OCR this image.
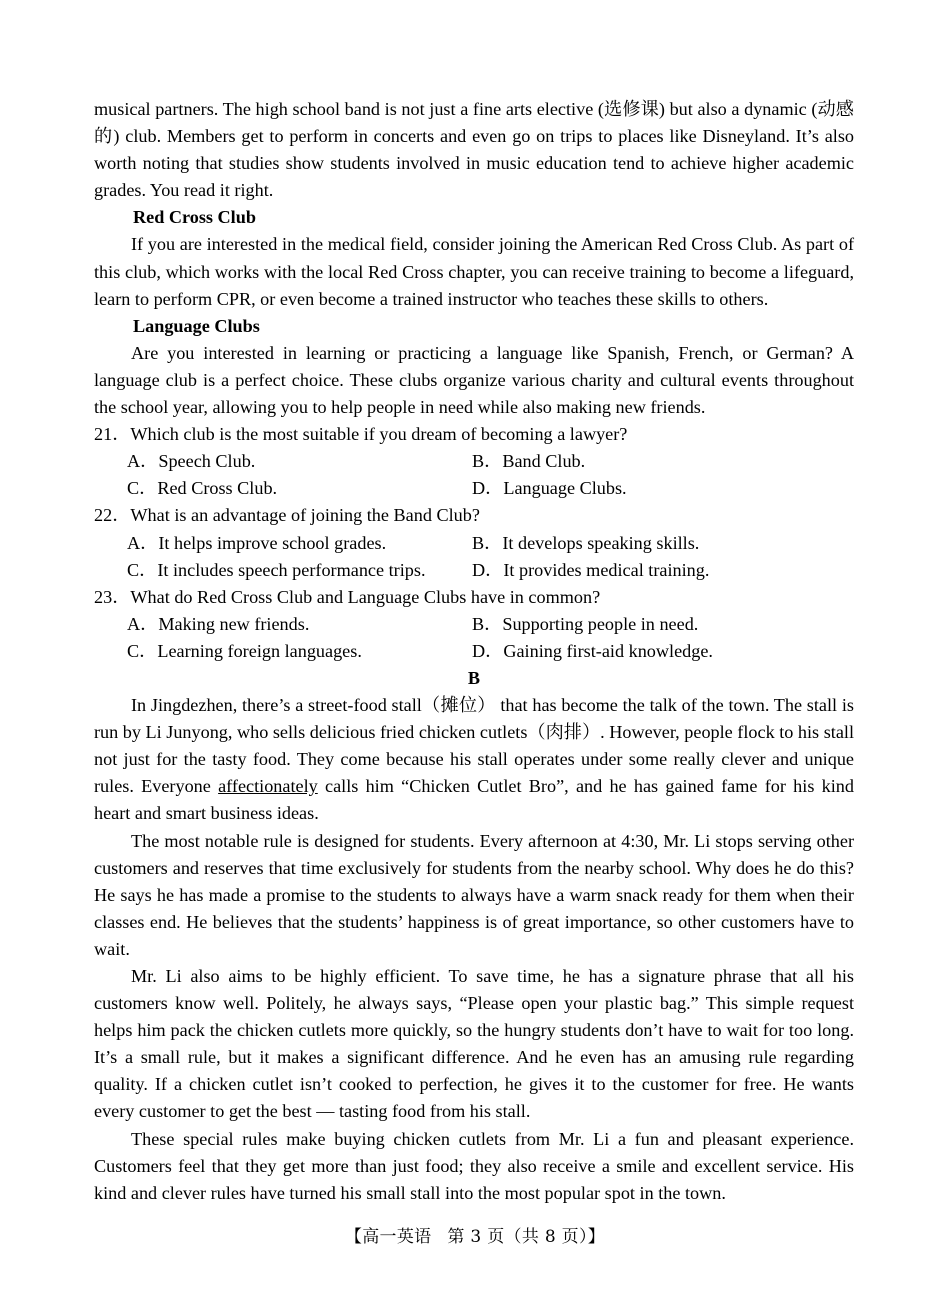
musical partners. The high school band is not just a fine arts elective (选修课) but also a dynamic (动感的) club. Members get to perform in concerts and even go on trips to places like Disneyland. It’s also worth noting that studies show students involved in music education tend to achieve higher academic grades. You read it right.

Red Cross Club

If you are interested in the medical field, consider joining the American Red Cross Club. As part of this club, which works with the local Red Cross chapter, you can receive training to become a lifeguard, learn to perform CPR, or even become a trained instructor who teaches these skills to others.

Language Clubs

Are you interested in learning or practicing a language like Spanish, French, or German? A language club is a perfect choice. These clubs organize various charity and cultural events throughout the school year, allowing you to help people in need while also making new friends.

21．Which club is the most suitable if you dream of becoming a lawyer?

A．Speech Club.	B．Band Club.
C．Red Cross Club.	D．Language Clubs.

22．What is an advantage of joining the Band Club?

A．It helps improve school grades.	B．It develops speaking skills.
C．It includes speech performance trips.	D．It provides medical training.

23．What do Red Cross Club and Language Clubs have in common?

A．Making new friends.	B．Supporting people in need.
C．Learning foreign languages.	D．Gaining first-aid knowledge.

B

In Jingdezhen, there’s a street-food stall（摊位） that has become the talk of the town. The stall is run by Li Junyong, who sells delicious fried chicken cutlets（肉排）. However, people flock to his stall not just for the tasty food. They come because his stall operates under some really clever and unique rules. Everyone affectionately calls him “Chicken Cutlet Bro”, and he has gained fame for his kind heart and smart business ideas.

The most notable rule is designed for students. Every afternoon at 4:30, Mr. Li stops serving other customers and reserves that time exclusively for students from the nearby school. Why does he do this? He says he has made a promise to the students to always have a warm snack ready for them when their classes end. He believes that the students’ happiness is of great importance, so other customers have to wait.

Mr. Li also aims to be highly efficient. To save time, he has a signature phrase that all his customers know well. Politely, he always says, “Please open your plastic bag.” This simple request helps him pack the chicken cutlets more quickly, so the hungry students don’t have to wait for too long. It’s a small rule, but it makes a significant difference. And he even has an amusing rule regarding quality. If a chicken cutlet isn’t cooked to perfection, he gives it to the customer for free. He wants every customer to get the best — tasting food from his stall.

These special rules make buying chicken cutlets from Mr. Li a fun and pleasant experience. Customers feel that they get more than just food; they also receive a smile and excellent service. His kind and clever rules have turned his small stall into the most popular spot in the town.

【高一英语 第 3 页（共 8 页）】
